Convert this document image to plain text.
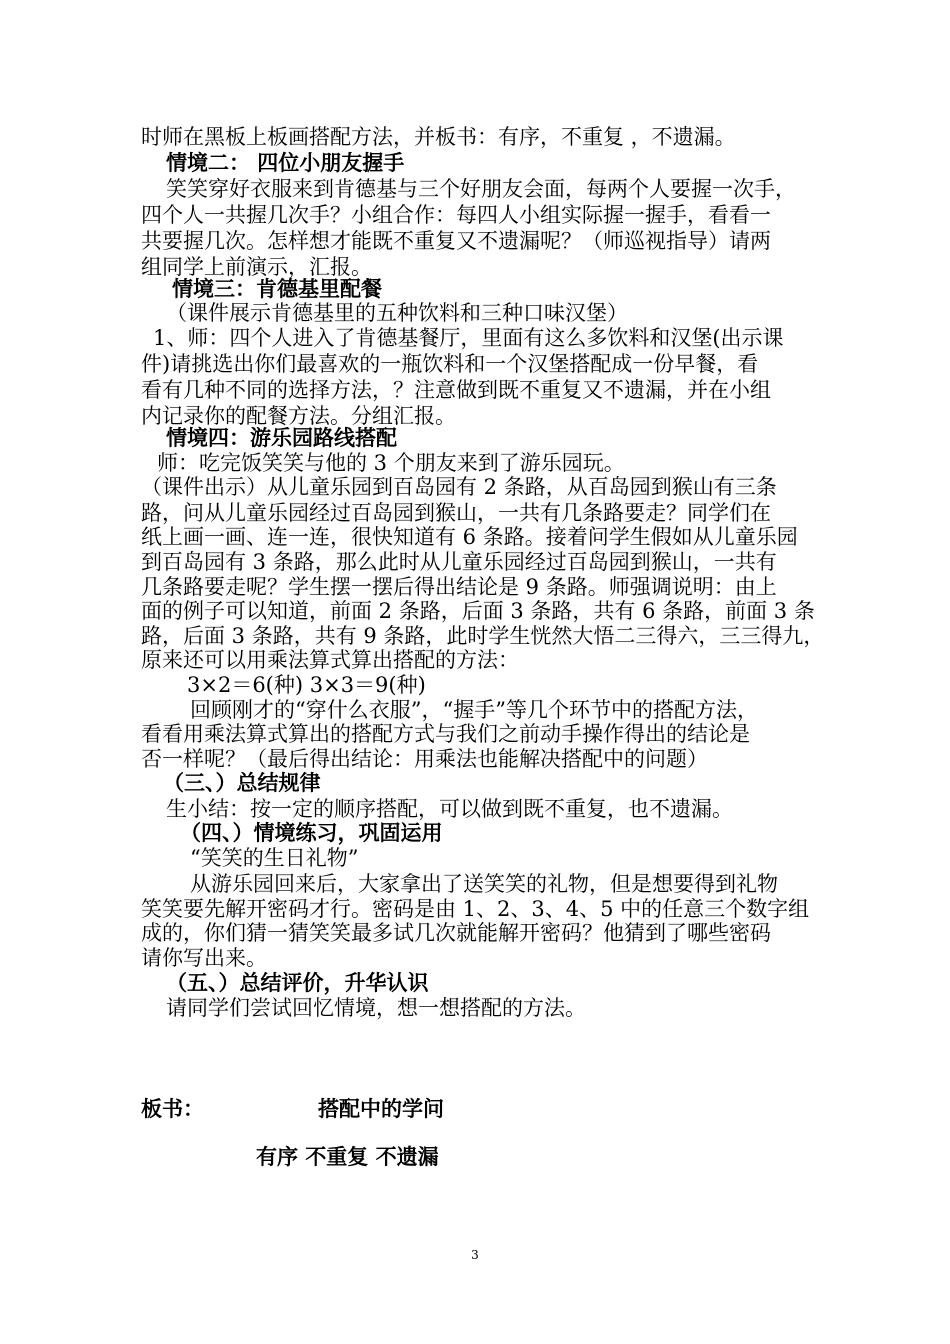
时师在黑板上板画搭配方法，并板书：有序，不重复 ，不遗漏。
情境二： 四位小朋友握手
笑笑穿好衣服来到肯德基与三个好朋友会面，每两个人要握一次手，
四个人一共握几次手？小组合作：每四人小组实际握一握手，看看一
共要握几次。怎样想才能既不重复又不遗漏呢？（师巡视指导）请两
组同学上前演示，汇报。
情境三：肯德基里配餐
（课件展示肯德基里的五种饮料和三种口味汉堡）
1、师：四个人进入了肯德基餐厅，里面有这么多饮料和汉堡(出示课
件)请挑选出你们最喜欢的一瓶饮料和一个汉堡搭配成一份早餐，看
看有几种不同的选择方法，？注意做到既不重复又不遗漏，并在小组
内记录你的配餐方法。分组汇报。
情境四：游乐园路线搭配
师：吃完饭笑笑与他的 3 个朋友来到了游乐园玩。
（课件出示）从儿童乐园到百岛园有 2 条路，从百岛园到猴山有三条
路，问从儿童乐园经过百岛园到猴山，一共有几条路要走？同学们在
纸上画一画、连一连，很快知道有 6 条路。接着问学生假如从儿童乐园
到百岛园有 3 条路，那么此时从儿童乐园经过百岛园到猴山，一共有
几条路要走呢？学生摆一摆后得出结论是 9 条路。师强调说明：由上
面的例子可以知道，前面 2 条路，后面 3 条路，共有 6 条路，前面 3 条
路，后面 3 条路，共有 9 条路，此时学生恍然大悟二三得六，三三得九，
原来还可以用乘法算式算出搭配的方法：
3×2＝6(种) 3×3＝9(种)
回顾刚才的“穿什么衣服”，“握手”等几个环节中的搭配方法，
看看用乘法算式算出的搭配方式与我们之前动手操作得出的结论是
否一样呢？（最后得出结论：用乘法也能解决搭配中的问题）
（三、）总结规律
生小结：按一定的顺序搭配，可以做到既不重复，也不遗漏。
（四、）情境练习，巩固运用
“笑笑的生日礼物”
从游乐园回来后，大家拿出了送笑笑的礼物，但是想要得到礼物
笑笑要先解开密码才行。密码是由 1、2、3、4、5 中的任意三个数字组
成的，你们猜一猜笑笑最多试几次就能解开密码？他猜到了哪些密码
请你写出来。
（五、）总结评价，升华认识
请同学们尝试回忆情境，想一想搭配的方法。
板书：	搭配中的学问
有序 不重复 不遗漏
3
